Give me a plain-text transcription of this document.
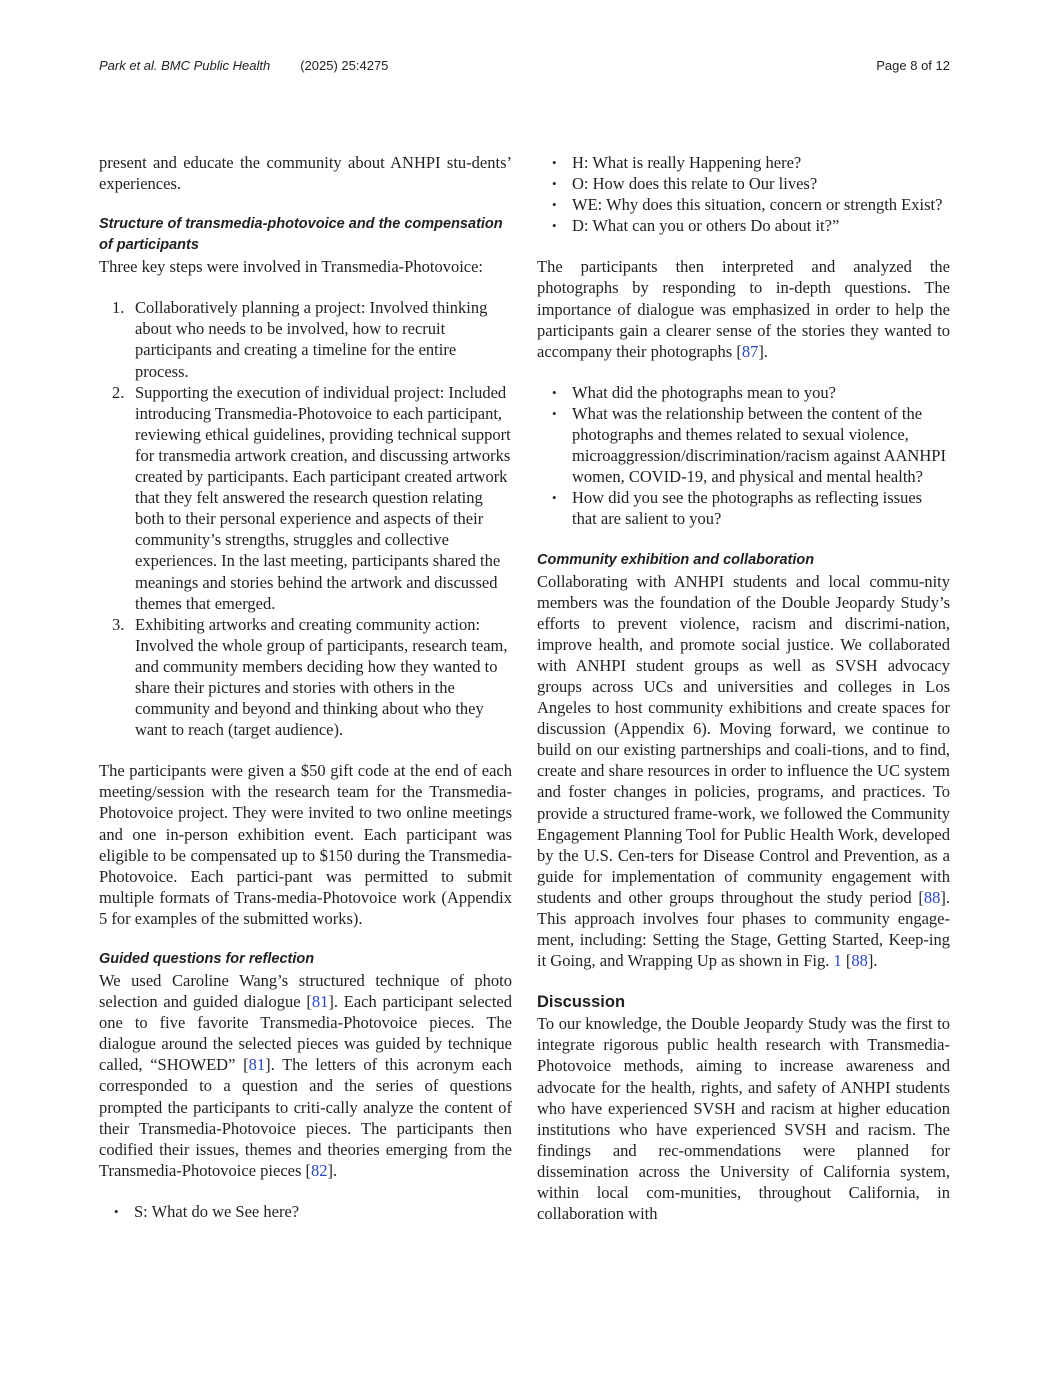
Park et al. BMC Public Health (2025) 25:4275	Page 8 of 12

present and educate the community about ANHPI stu-dents’ experiences.

Structure of transmedia-photovoice and the compensation of participants

Three key steps were involved in Transmedia-Photovoice:

1. Collaboratively planning a project: Involved thinking about who needs to be involved, how to recruit participants and creating a timeline for the entire process.
2. Supporting the execution of individual project: Included introducing Transmedia-Photovoice to each participant, reviewing ethical guidelines, providing technical support for transmedia artwork creation, and discussing artworks created by participants. Each participant created artwork that they felt answered the research question relating both to their personal experience and aspects of their community’s strengths, struggles and collective experiences. In the last meeting, participants shared the meanings and stories behind the artwork and discussed themes that emerged.
3. Exhibiting artworks and creating community action: Involved the whole group of participants, research team, and community members deciding how they wanted to share their pictures and stories with others in the community and beyond and thinking about who they want to reach (target audience).

The participants were given a $50 gift code at the end of each meeting/session with the research team for the Transmedia-Photovoice project. They were invited to two online meetings and one in-person exhibition event. Each participant was eligible to be compensated up to $150 during the Transmedia-Photovoice. Each partici-pant was permitted to submit multiple formats of Trans-media-Photovoice work (Appendix 5 for examples of the submitted works).

Guided questions for reflection

We used Caroline Wang’s structured technique of photo selection and guided dialogue [81]. Each participant selected one to five favorite Transmedia-Photovoice pieces. The dialogue around the selected pieces was guided by technique called, “SHOWED” [81]. The letters of this acronym each corresponded to a question and the series of questions prompted the participants to criti-cally analyze the content of their Transmedia-Photovoice pieces. The participants then codified their issues, themes and theories emerging from the Transmedia-Photovoice pieces [82].

• S: What do we See here?
• H: What is really Happening here?
• O: How does this relate to Our lives?
• WE: Why does this situation, concern or strength Exist?
• D: What can you or others Do about it?”

The participants then interpreted and analyzed the photographs by responding to in-depth questions. The importance of dialogue was emphasized in order to help the participants gain a clearer sense of the stories they wanted to accompany their photographs [87].

• What did the photographs mean to you?
• What was the relationship between the content of the photographs and themes related to sexual violence, microaggression/discrimination/racism against AANHPI women, COVID-19, and physical and mental health?
• How did you see the photographs as reflecting issues that are salient to you?
Community exhibition and collaboration

Collaborating with ANHPI students and local commu-nity members was the foundation of the Double Jeopardy Study’s efforts to prevent violence, racism and discrimi-nation, improve health, and promote social justice. We collaborated with ANHPI student groups as well as SVSH advocacy groups across UCs and universities and colleges in Los Angeles to host community exhibitions and create spaces for discussion (Appendix 6). Moving forward, we continue to build on our existing partnerships and coali-tions, and to find, create and share resources in order to influence the UC system and foster changes in policies, programs, and practices. To provide a structured frame-work, we followed the Community Engagement Planning Tool for Public Health Work, developed by the U.S. Cen-ters for Disease Control and Prevention, as a guide for implementation of community engagement with students and other groups throughout the study period [88]. This approach involves four phases to community engage-ment, including: Setting the Stage, Getting Started, Keep-ing it Going, and Wrapping Up as shown in Fig. 1 [88].

Discussion

To our knowledge, the Double Jeopardy Study was the first to integrate rigorous public health research with Transmedia-Photovoice methods, aiming to increase awareness and advocate for the health, rights, and safety of ANHPI students who have experienced SVSH and racism at higher education institutions who have experienced SVSH and racism. The findings and rec-ommendations were planned for dissemination across the University of California system, within local com-munities, throughout California, in collaboration with
